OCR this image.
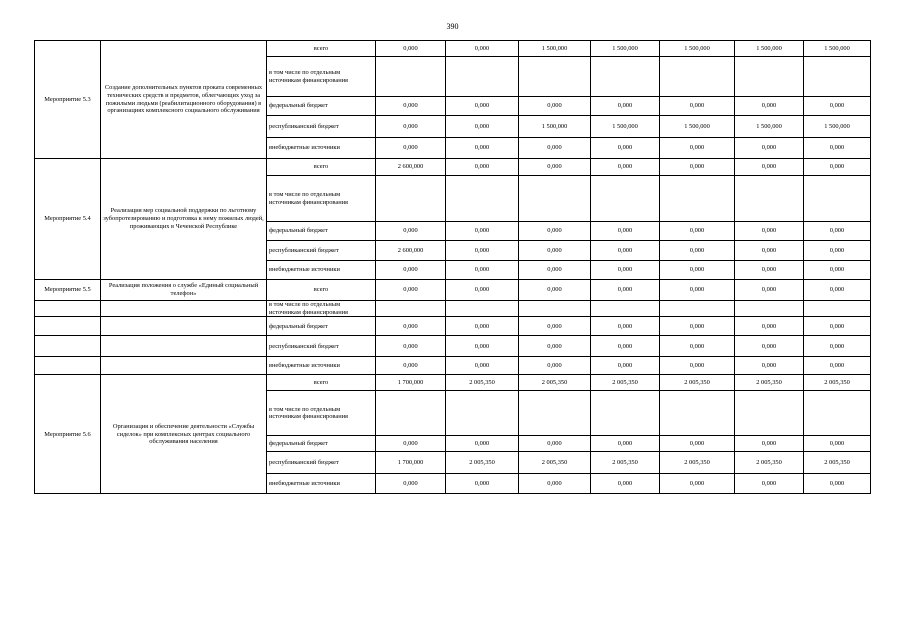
390
Мероприятие 5.3	Создание дополнительных пунктов проката современных технических средств и предметов, облегчающих уход за пожилыми людьми (реабилитационного оборудования) в организациях комплексного социального обслуживания	всего	0,000	0,000	1 500,000	1 500,000	1 500,000	1 500,000	1 500,000
		в том числе по отдельным источникам финансирования							
		федеральный бюджет	0,000	0,000	0,000	0,000	0,000	0,000	0,000
		республиканский бюджет	0,000	0,000	1 500,000	1 500,000	1 500,000	1 500,000	1 500,000
		внебюджетные источники	0,000	0,000	0,000	0,000	0,000	0,000	0,000
Мероприятие 5.4	Реализация мер социальной поддержки по льготному зубопротезированию и подготовка к нему пожилых людей, проживающих в Чеченской Республике	всего	2 600,000	0,000	0,000	0,000	0,000	0,000	0,000
		в том числе по отдельным источникам финансирования							
		федеральный бюджет	0,000	0,000	0,000	0,000	0,000	0,000	0,000
		республиканский бюджет	2 600,000	0,000	0,000	0,000	0,000	0,000	0,000
		внебюджетные источники	0,000	0,000	0,000	0,000	0,000	0,000	0,000
Мероприятие 5.5	Реализация положения о службе «Единый социальный телефон»	всего	0,000	0,000	0,000	0,000	0,000	0,000	0,000
		в том числе по отдельным источникам финансирования							
		федеральный бюджет	0,000	0,000	0,000	0,000	0,000	0,000	0,000
		республиканский бюджет	0,000	0,000	0,000	0,000	0,000	0,000	0,000
		внебюджетные источники	0,000	0,000	0,000	0,000	0,000	0,000	0,000
Мероприятие 5.6	Организация и обеспечение деятельности «Службы сиделок» при комплексных центрах социального обслуживания населения	всего	1 700,000	2 005,350	2 005,350	2 005,350	2 005,350	2 005,350	2 005,350
		в том числе по отдельным источникам финансирования							
		федеральный бюджет	0,000	0,000	0,000	0,000	0,000	0,000	0,000
		республиканский бюджет	1 700,000	2 005,350	2 005,350	2 005,350	2 005,350	2 005,350	2 005,350
		внебюджетные источники	0,000	0,000	0,000	0,000	0,000	0,000	0,000
